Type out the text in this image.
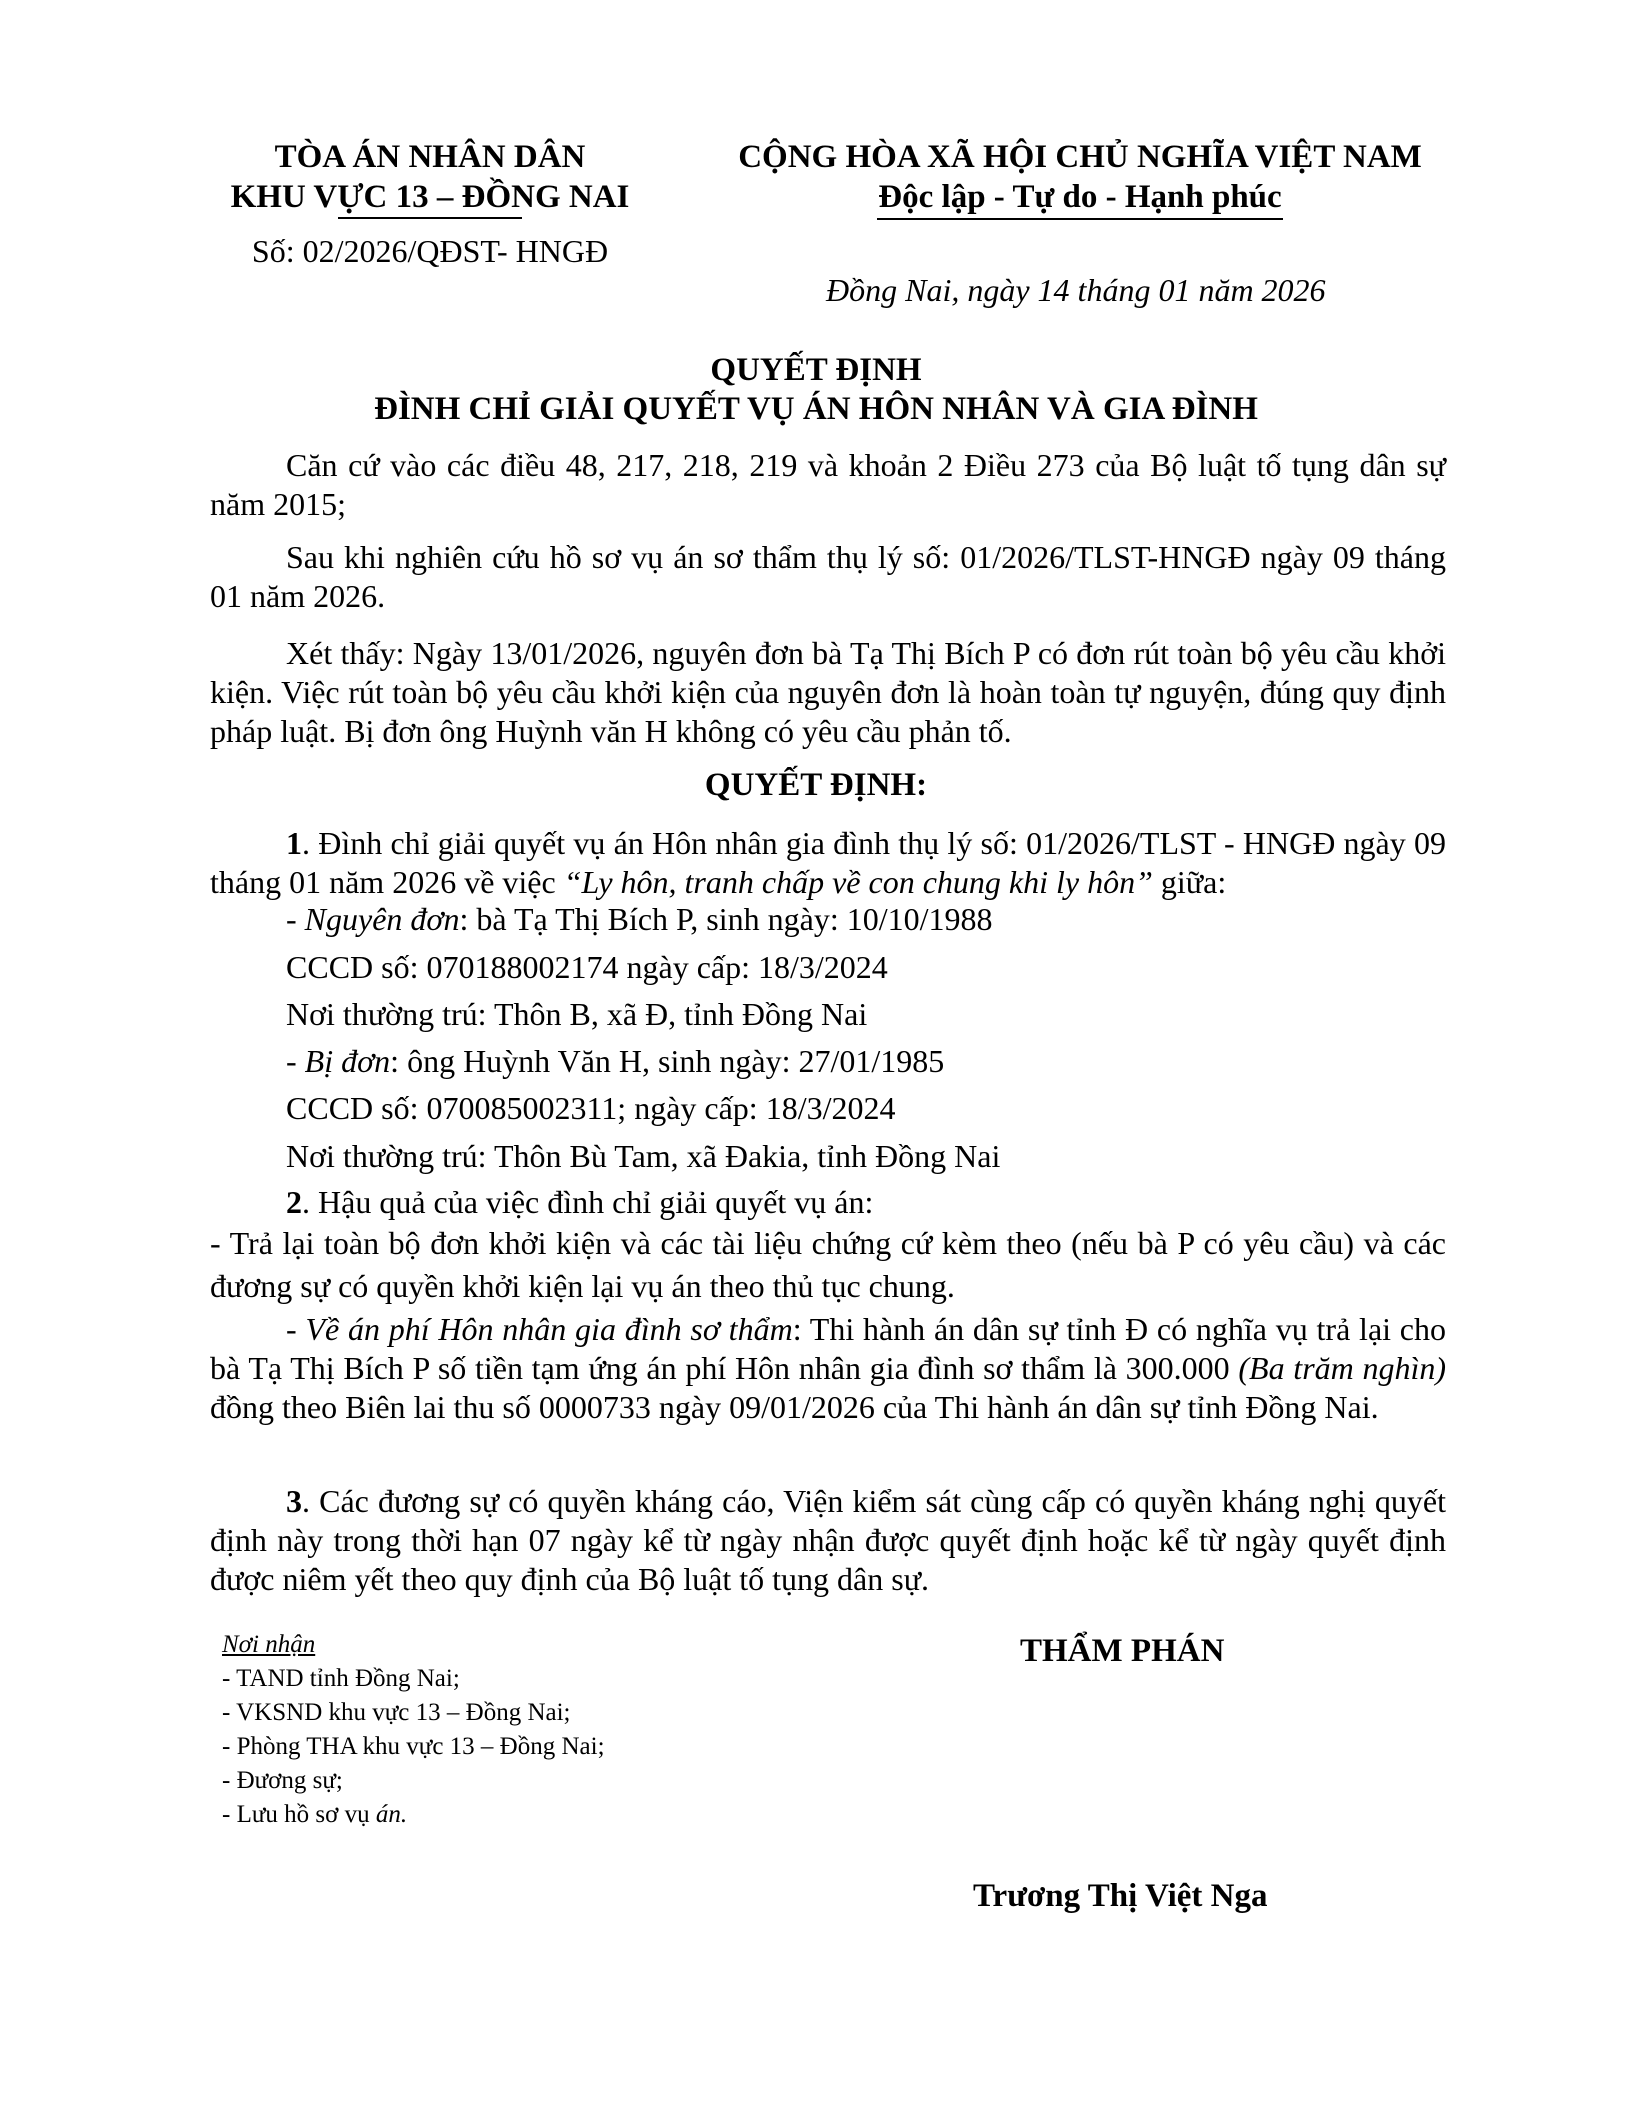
TÒA ÁN NHÂN DÂN
KHU VỰC 13 – ĐỒNG NAI
Số: 02/2026/QĐST- HNGĐ
CỘNG HÒA XÃ HỘI CHỦ NGHĨA VIỆT NAM
Độc lập - Tự do - Hạnh phúc
Đồng Nai, ngày 14 tháng 01 năm 2026
QUYẾT ĐỊNH
ĐÌNH CHỈ GIẢI QUYẾT VỤ ÁN HÔN NHÂN VÀ GIA ĐÌNH
Căn cứ vào các điều 48, 217, 218, 219 và khoản 2 Điều 273 của Bộ luật tố tụng dân sự năm 2015;
Sau khi nghiên cứu hồ sơ vụ án sơ thẩm thụ lý số: 01/2026/TLST-HNGĐ ngày 09 tháng 01 năm 2026.
Xét thấy: Ngày 13/01/2026, nguyên đơn bà Tạ Thị Bích P có đơn rút toàn bộ yêu cầu khởi kiện. Việc rút toàn bộ yêu cầu khởi kiện của nguyên đơn là hoàn toàn tự nguyện, đúng quy định pháp luật. Bị đơn ông Huỳnh văn H không có yêu cầu phản tố.
QUYẾT ĐỊNH:
1. Đình chỉ giải quyết vụ án Hôn nhân gia đình thụ lý số: 01/2026/TLST - HNGĐ ngày 09 tháng 01 năm 2026 về việc “Ly hôn, tranh chấp về con chung khi ly hôn” giữa:
- Nguyên đơn: bà Tạ Thị Bích P, sinh ngày: 10/10/1988
CCCD số: 070188002174 ngày cấp: 18/3/2024
Nơi thường trú: Thôn B, xã Đ, tỉnh Đồng Nai
- Bị đơn: ông Huỳnh Văn H, sinh ngày: 27/01/1985
CCCD số: 070085002311; ngày cấp: 18/3/2024
Nơi thường trú: Thôn Bù Tam, xã Đakia, tỉnh Đồng Nai
2. Hậu quả của việc đình chỉ giải quyết vụ án:
- Trả lại toàn bộ đơn khởi kiện và các tài liệu chứng cứ kèm theo (nếu bà P có yêu cầu) và các đương sự có quyền khởi kiện lại vụ án theo thủ tục chung.
- Về án phí Hôn nhân gia đình sơ thẩm: Thi hành án dân sự tỉnh Đ có nghĩa vụ trả lại cho bà Tạ Thị Bích P số tiền tạm ứng án phí Hôn nhân gia đình sơ thẩm là 300.000 (Ba trăm nghìn) đồng theo Biên lai thu số 0000733 ngày 09/01/2026 của Thi hành án dân sự tỉnh Đồng Nai.
3. Các đương sự có quyền kháng cáo, Viện kiểm sát cùng cấp có quyền kháng nghị quyết định này trong thời hạn 07 ngày kể từ ngày nhận được quyết định hoặc kể từ ngày quyết định được niêm yết theo quy định của Bộ luật tố tụng dân sự.
Nơi nhận
- TAND tỉnh Đồng Nai;
- VKSND khu vực 13 – Đồng Nai;
- Phòng THA khu vực 13 – Đồng Nai;
- Đương sự;
- Lưu hồ sơ vụ án.
THẨM PHÁN
Trương Thị Việt Nga
